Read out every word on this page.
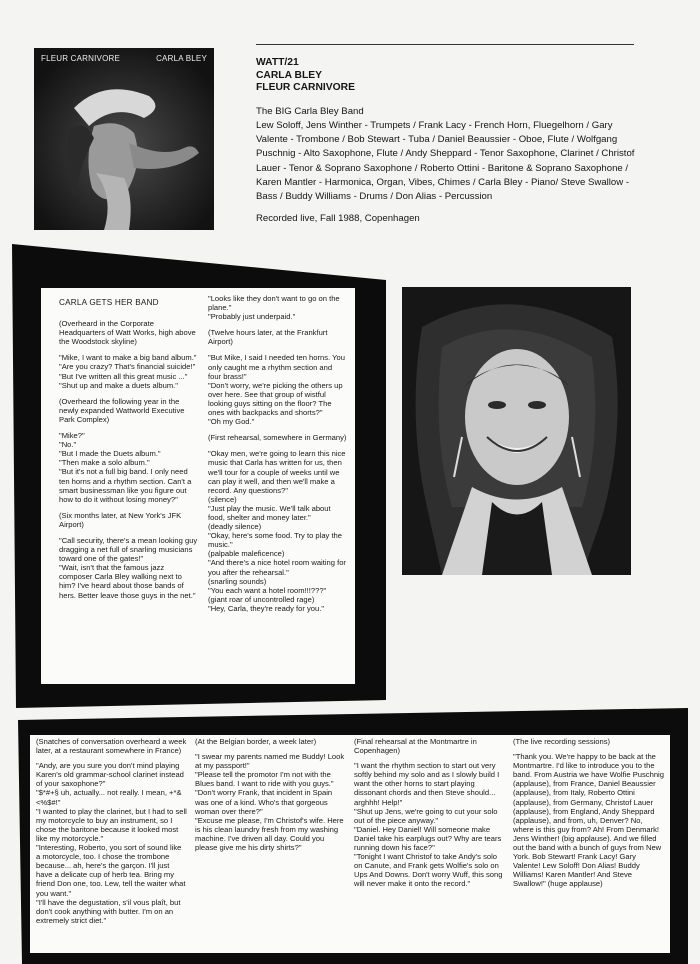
FLEUR CARNIVORE	CARLA BLEY	WATT/21
CARLA BLEY
FLEUR CARNIVORE
The BIG Carla Bley Band
Lew Soloff, Jens Winther - Trumpets / Frank Lacy - French Horn, Fluegelhorn / Gary Valente - Trombone / Bob Stewart - Tuba / Daniel Beaussier - Oboe, Flute / Wolfgang Puschnig - Alto Saxophone, Flute / Andy Sheppard - Tenor Saxophone, Clarinet / Christof Lauer - Tenor & Soprano Saxophone / Roberto Ottini - Baritone & Soprano Saxophone / Karen Mantler - Harmonica, Organ, Vibes, Chimes / Carla Bley - Piano/ Steve Swallow - Bass / Buddy Williams - Drums / Don Alias - Percussion
Recorded live, Fall 1988, Copenhagen

CARLA GETS HER BAND

(Overheard in the Corporate Headquarters of Watt Works, high above the Woodstock skyline)

"Mike, I want to make a big band album."
"Are you crazy? That's financial suicide!"
"But I've written all this great music ..."
"Shut up and make a duets album."

(Overheard the following year in the newly expanded Wattworld Executive Park Complex)

"Mike?"
"No."
"But I made the Duets album."
"Then make a solo album."
"But it's not a full big band. I only need ten horns and a rhythm section. Can't a smart businessman like you figure out how to do it without losing money?"

(Six months later, at New York's JFK Airport)

"Call security, there's a mean looking guy dragging a net full of snarling musicians toward one of the gates!"
"Wait, isn't that the famous jazz composer Carla Bley walking next to him? I've heard about those bands of hers. Better leave those guys in the net."

"Looks like they don't want to go on the plane."
"Probably just underpaid."

(Twelve hours later, at the Frankfurt Airport)

"But Mike, I said I needed ten horns. You only caught me a rhythm section and four brass!"
"Don't worry, we're picking the others up over here. See that group of wistful looking guys sitting on the floor? The ones with backpacks and shorts?"
"Oh my God."

(First rehearsal, somewhere in Germany)

"Okay men, we're going to learn this nice music that Carla has written for us, then we'll tour for a couple of weeks until we can play it well, and then we'll make a record. Any questions?"
(silence)
"Just play the music. We'll talk about food, shelter and money later."
(deadly silence)
"Okay, here's some food. Try to play the music."
(palpable maleficence)
"And there's a nice hotel room waiting for you after the rehearsal."
(snarling sounds)
"You each want a hotel room!!!???"
(giant roar of uncontrolled rage)
"Hey, Carla, they're ready for you."

(Snatches of conversation overheard a week later, at a restaurant somewhere in France)

"Andy, are you sure you don't mind playing Karen's old grammar-school clarinet instead of your saxophone?"
"$*#+§ uh, actually... not really. I mean, +*&<%$#!"
"I wanted to play the clarinet, but I had to sell my motorcycle to buy an instrument, so I chose the baritone because it looked most like my motorcycle."
"Interesting, Roberto, you sort of sound like a motorcycle, too. I chose the trombone because... ah, here's the garçon. I'll just have a delicate cup of herb tea. Bring my friend Don one, too. Lew, tell the waiter what you want."
"I'll have the degustation, s'il vous plaît, but don't cook anything with butter. I'm on an extremely strict diet."

(At the Belgian border, a week later)

"I swear my parents named me Buddy! Look at my passport!"
"Please tell the promotor I'm not with the Blues band. I want to ride with you guys."
"Don't worry Frank, that incident in Spain was one of a kind. Who's that gorgeous woman over there?"
"Excuse me please, I'm Christof's wife. Here is his clean laundry fresh from my washing machine. I've driven all day. Could you please give me his dirty shirts?"

(Final rehearsal at the Montmartre in Copenhagen)

"I want the rhythm section to start out very softly behind my solo and as I slowly build I want the other horns to start playing dissonant chords and then Steve should... arghhh! Help!"
"Shut up Jens, we're going to cut your solo out of the piece anyway."
"Daniel. Hey Daniel! Will someone make Daniel take his earplugs out? Why are tears running down his face?"
"Tonight I want Christof to take Andy's solo on Canute, and Frank gets Wolfie's solo on Ups And Downs. Don't worry Wuff, this song will never make it onto the record."

(The live recording sessions)

"Thank you. We're happy to be back at the Montmartre. I'd like to introduce you to the band. From Austria we have Wolfie Puschnig (applause), from France, Daniel Beaussier (applause), from Italy, Roberto Ottini (applause), from Germany, Christof Lauer (applause), from England, Andy Sheppard (applause), and from, uh, Denver? No, where is this guy from? Ah! From Denmark! Jens Winther! (big applause). And we filled out the band with a bunch of guys from New York. Bob Stewart! Frank Lacy! Gary Valente! Lew Soloff! Don Alias! Buddy Williams! Karen Mantler! And Steve Swallow!" (huge applause)
